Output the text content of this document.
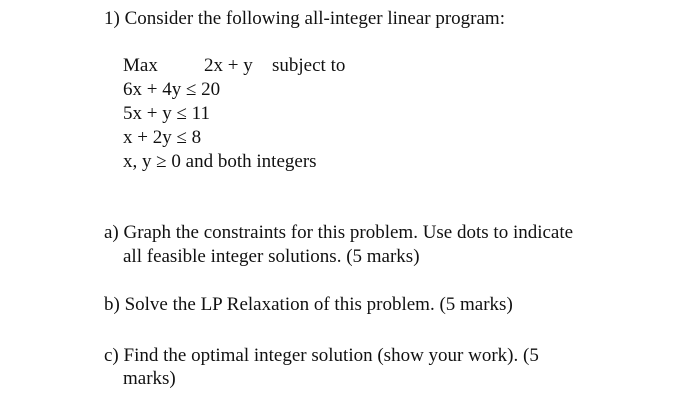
1) Consider the following all-integer linear program:
Max 2x + y subject to
6x + 4y ≤ 20
5x + y ≤ 11
x + 2y ≤ 8
x, y ≥ 0 and both integers
a) Graph the constraints for this problem. Use dots to indicate
all feasible integer solutions. (5 marks)
b) Solve the LP Relaxation of this problem. (5 marks)
c) Find the optimal integer solution (show your work). (5
marks)
